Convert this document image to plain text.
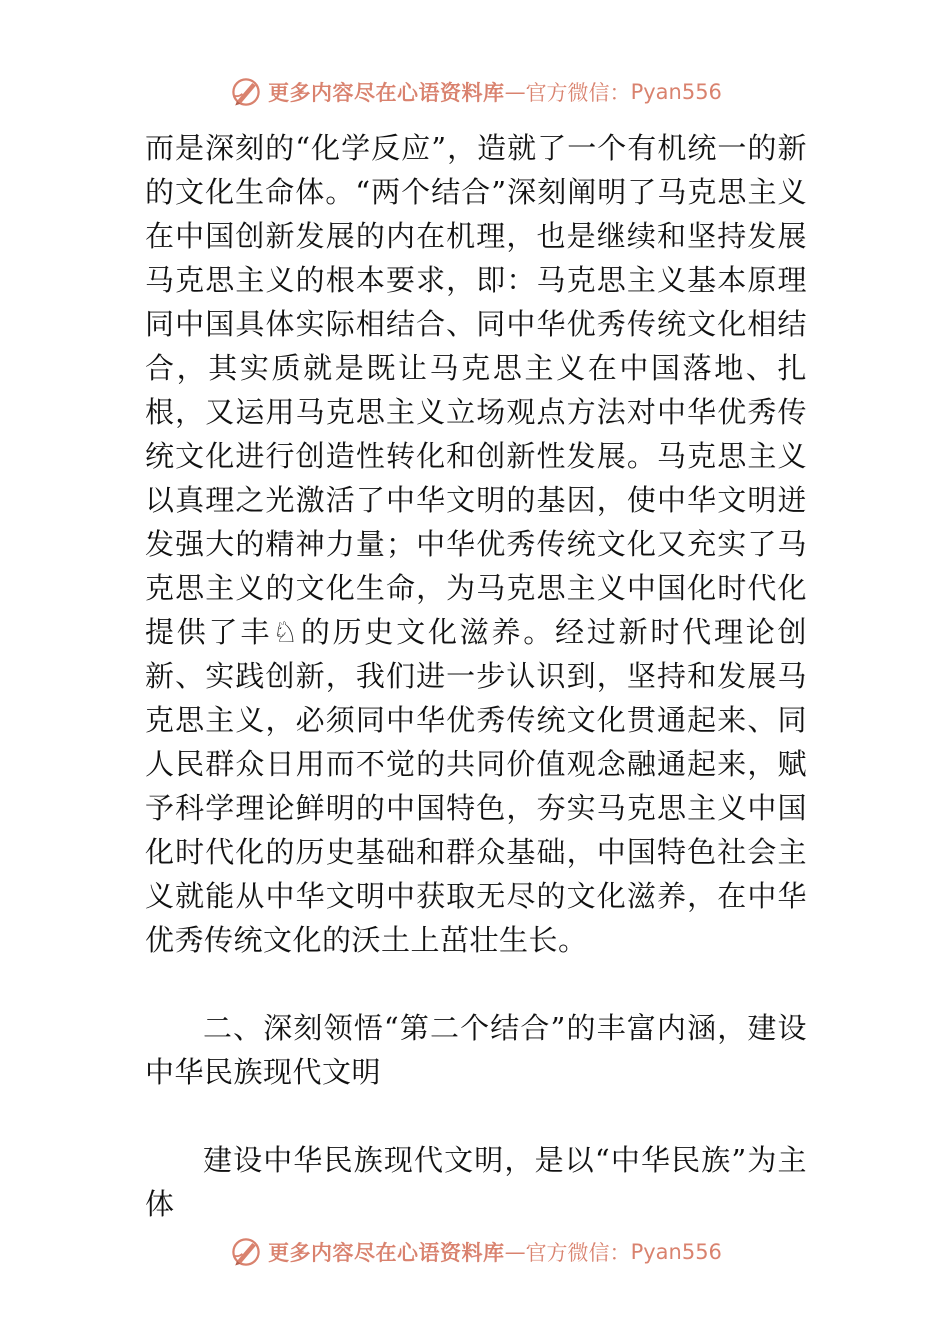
更多内容尽在心语资料库 — 官方微信： Pyan556

而是深刻的“化学反应”，造就了一个有机统一的新的文化生命体。“两个结合”深刻阐明了马克思主义在中国创新发展的内在机理，也是继续和坚持发展马克思主义的根本要求，即：马克思主义基本原理同中国具体实际相结合、同中华优秀传统文化相结合，其实质就是既让马克思主义在中国落地、扎根，又运用马克思主义立场观点方法对中华优秀传统文化进行创造性转化和创新性发展。马克思主义以真理之光激活了中华文明的基因，使中华文明迸发强大的精神力量；中华优秀传统文化又充实了马克思主义的文化生命，为马克思主义中国化时代化提供了丰♘的历史文化滋养。经过新时代理论创新、实践创新，我们进一步认识到，坚持和发展马克思主义，必须同中华优秀传统文化贯通起来、同人民群众日用而不觉的共同价值观念融通起来，赋予科学理论鲜明的中国特色，夯实马克思主义中国化时代化的历史基础和群众基础，中国特色社会主义就能从中华文明中获取无尽的文化滋养，在中华优秀传统文化的沃土上茁壮生长。

二、深刻领悟“第二个结合”的丰富内涵，建设中华民族现代文明

建设中华民族现代文明，是以“中华民族”为主体

更多内容尽在心语资料库 — 官方微信： Pyan556
